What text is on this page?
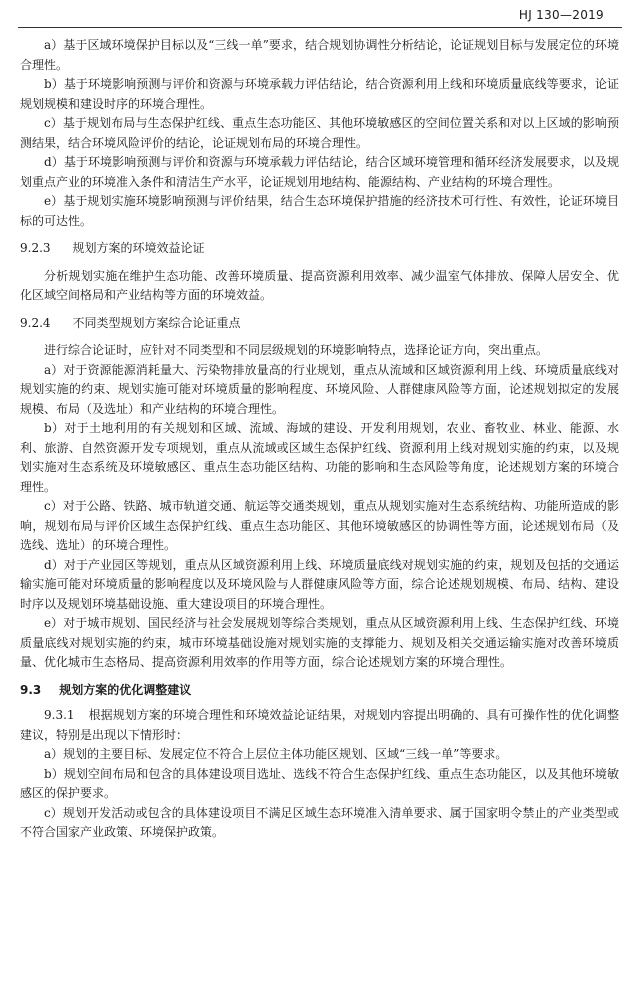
HJ 130—2019

a）基于区域环境保护目标以及“三线一单”要求，结合规划协调性分析结论，论证规划目标与发展定位的环境合理性。

b）基于环境影响预测与评价和资源与环境承载力评估结论，结合资源利用上线和环境质量底线等要求，论证规划规模和建设时序的环境合理性。

c）基于规划布局与生态保护红线、重点生态功能区、其他环境敏感区的空间位置关系和对以上区域的影响预测结果，结合环境风险评价的结论，论证规划布局的环境合理性。

d）基于环境影响预测与评价和资源与环境承载力评估结论，结合区域环境管理和循环经济发展要求，以及规划重点产业的环境准入条件和清洁生产水平，论证规划用地结构、能源结构、产业结构的环境合理性。

e）基于规划实施环境影响预测与评价结果，结合生态环境保护措施的经济技术可行性、有效性，论证环境目标的可达性。

9.2.3 规划方案的环境效益论证

分析规划实施在维护生态功能、改善环境质量、提高资源利用效率、减少温室气体排放、保障人居安全、优化区域空间格局和产业结构等方面的环境效益。

9.2.4 不同类型规划方案综合论证重点

进行综合论证时，应针对不同类型和不同层级规划的环境影响特点，选择论证方向，突出重点。

a）对于资源能源消耗量大、污染物排放量高的行业规划，重点从流域和区域资源利用上线、环境质量底线对规划实施的约束、规划实施可能对环境质量的影响程度、环境风险、人群健康风险等方面，论述规划拟定的发展规模、布局（及选址）和产业结构的环境合理性。

b）对于土地利用的有关规划和区域、流域、海域的建设、开发利用规划，农业、畜牧业、林业、能源、水利、旅游、自然资源开发专项规划，重点从流域或区域生态保护红线、资源利用上线对规划实施的约束，以及规划实施对生态系统及环境敏感区、重点生态功能区结构、功能的影响和生态风险等角度，论述规划方案的环境合理性。

c）对于公路、铁路、城市轨道交通、航运等交通类规划，重点从规划实施对生态系统结构、功能所造成的影响，规划布局与评价区域生态保护红线、重点生态功能区、其他环境敏感区的协调性等方面，论述规划布局（及选线、选址）的环境合理性。

d）对于产业园区等规划，重点从区域资源利用上线、环境质量底线对规划实施的约束，规划及包括的交通运输实施可能对环境质量的影响程度以及环境风险与人群健康风险等方面，综合论述规划规模、布局、结构、建设时序以及规划环境基础设施、重大建设项目的环境合理性。

e）对于城市规划、国民经济与社会发展规划等综合类规划，重点从区域资源利用上线、生态保护红线、环境质量底线对规划实施的约束，城市环境基础设施对规划实施的支撑能力、规划及相关交通运输实施对改善环境质量、优化城市生态格局、提高资源利用效率的作用等方面，综合论述规划方案的环境合理性。

9.3 规划方案的优化调整建议

9.3.1 根据规划方案的环境合理性和环境效益论证结果，对规划内容提出明确的、具有可操作性的优化调整建议，特别是出现以下情形时：

a）规划的主要目标、发展定位不符合上层位主体功能区规划、区域“三线一单”等要求。

b）规划空间布局和包含的具体建设项目选址、选线不符合生态保护红线、重点生态功能区，以及其他环境敏感区的保护要求。

c）规划开发活动或包含的具体建设项目不满足区域生态环境准入清单要求、属于国家明令禁止的产业类型或不符合国家产业政策、环境保护政策。
